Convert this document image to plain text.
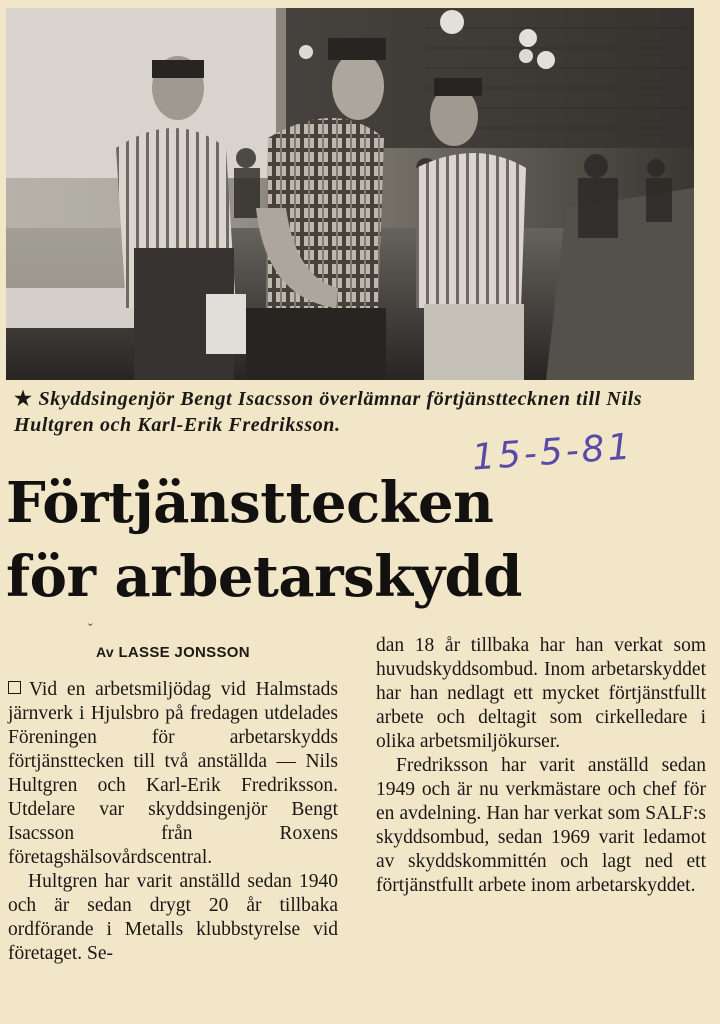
★ Skyddsingenjör Bengt Isacsson överlämnar förtjänsttecknen till Nils Hultgren och Karl-Erik Fredriksson.
15-5-81
Förtjänsttecken
för arbetarskydd
ˇ
Av LASSE JONSSON

Vid en arbetsmiljödag vid Halmstads järnverk i Hjulsbro på fredagen utdelades Föreningen för arbetarskydds förtjänsttecken till två anställda — Nils Hultgren och Karl-Erik Fredriksson. Utdelare var skyddsingenjör Bengt Isacsson från Roxens företagshälsovårdscentral.

Hultgren har varit anställd sedan 1940 och är sedan drygt 20 år tillbaka ordförande i Metalls klubbstyrelse vid företaget. Se-

dan 18 år tillbaka har han verkat som huvudskyddsombud. Inom arbetarskyddet har han nedlagt ett mycket förtjänstfullt arbete och deltagit som cirkelledare i olika arbetsmiljökurser.

Fredriksson har varit anställd sedan 1949 och är nu verkmästare och chef för en avdelning. Han har verkat som SALF:s skyddsombud, sedan 1969 varit ledamot av skyddskommittén och lagt ned ett förtjänstfullt arbete inom arbetarskyddet.
